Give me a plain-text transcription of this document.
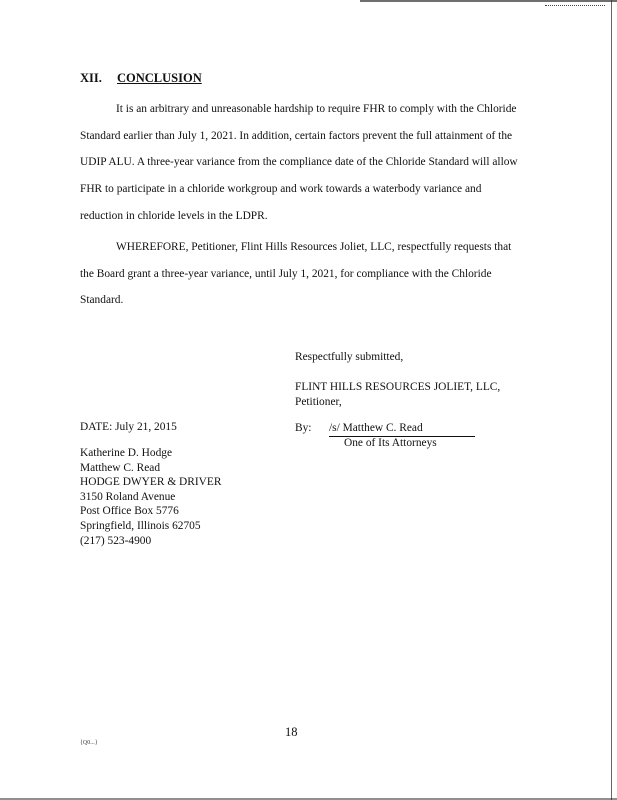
XII. CONCLUSION

It is an arbitrary and unreasonable hardship to require FHR to comply with the Chloride
Standard earlier than July 1, 2021. In addition, certain factors prevent the full attainment of the
UDIP ALU. A three-year variance from the compliance date of the Chloride Standard will allow
FHR to participate in a chloride workgroup and work towards a waterbody variance and
reduction in chloride levels in the LDPR.

WHEREFORE, Petitioner, Flint Hills Resources Joliet, LLC, respectfully requests that
the Board grant a three-year variance, until July 1, 2021, for compliance with the Chloride
Standard.

Respectfully submitted,
FLINT HILLS RESOURCES JOLIET, LLC,
Petitioner,
DATE: July 21, 2015	By: /s/ Matthew C. Read
One of Its Attorneys
Katherine D. Hodge
Matthew C. Read
HODGE DWYER & DRIVER
3150 Roland Avenue
Post Office Box 5776
Springfield, Illinois 62705
(217) 523-4900
{Q0...}
18
